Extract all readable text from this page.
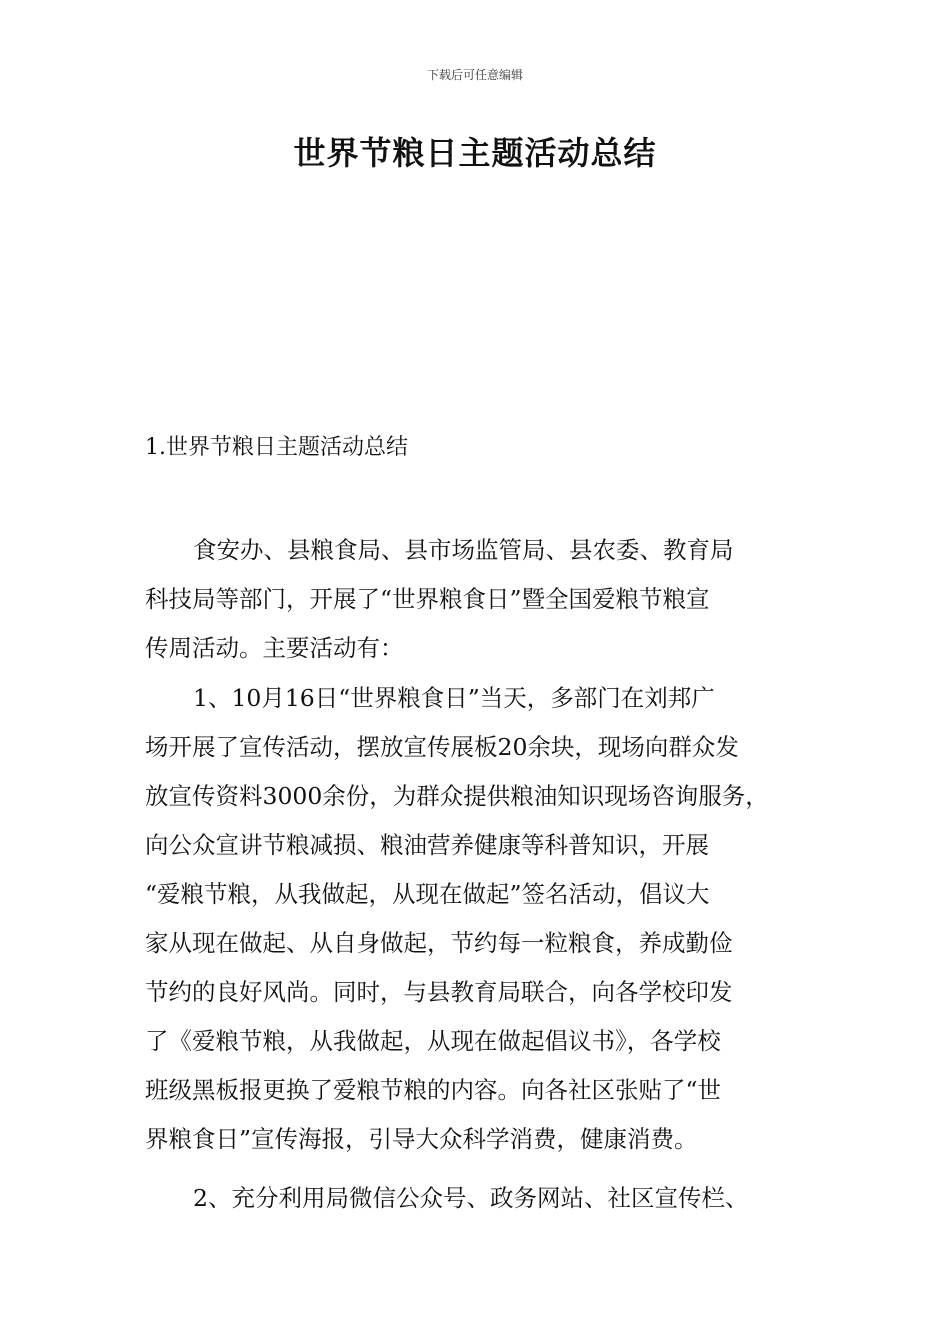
下载后可任意编辑
世界节粮日主题活动总结
1.世界节粮日主题活动总结
食安办、县粮食局、县市场监管局、县农委、教育局
科技局等部门，开展了“世界粮食日”暨全国爱粮节粮宣
传周活动。主要活动有：
1、10月16日“世界粮食日”当天，多部门在刘邦广
场开展了宣传活动，摆放宣传展板20余块，现场向群众发
放宣传资料3000余份，为群众提供粮油知识现场咨询服务，
向公众宣讲节粮减损、粮油营养健康等科普知识，开展
“爱粮节粮，从我做起，从现在做起”签名活动，倡议大
家从现在做起、从自身做起，节约每一粒粮食，养成勤俭
节约的良好风尚。同时，与县教育局联合，向各学校印发
了《爱粮节粮，从我做起，从现在做起倡议书》，各学校
班级黑板报更换了爱粮节粮的内容。向各社区张贴了“世
界粮食日”宣传海报，引导大众科学消费，健康消费。
2、充分利用局微信公众号、政务网站、社区宣传栏、
